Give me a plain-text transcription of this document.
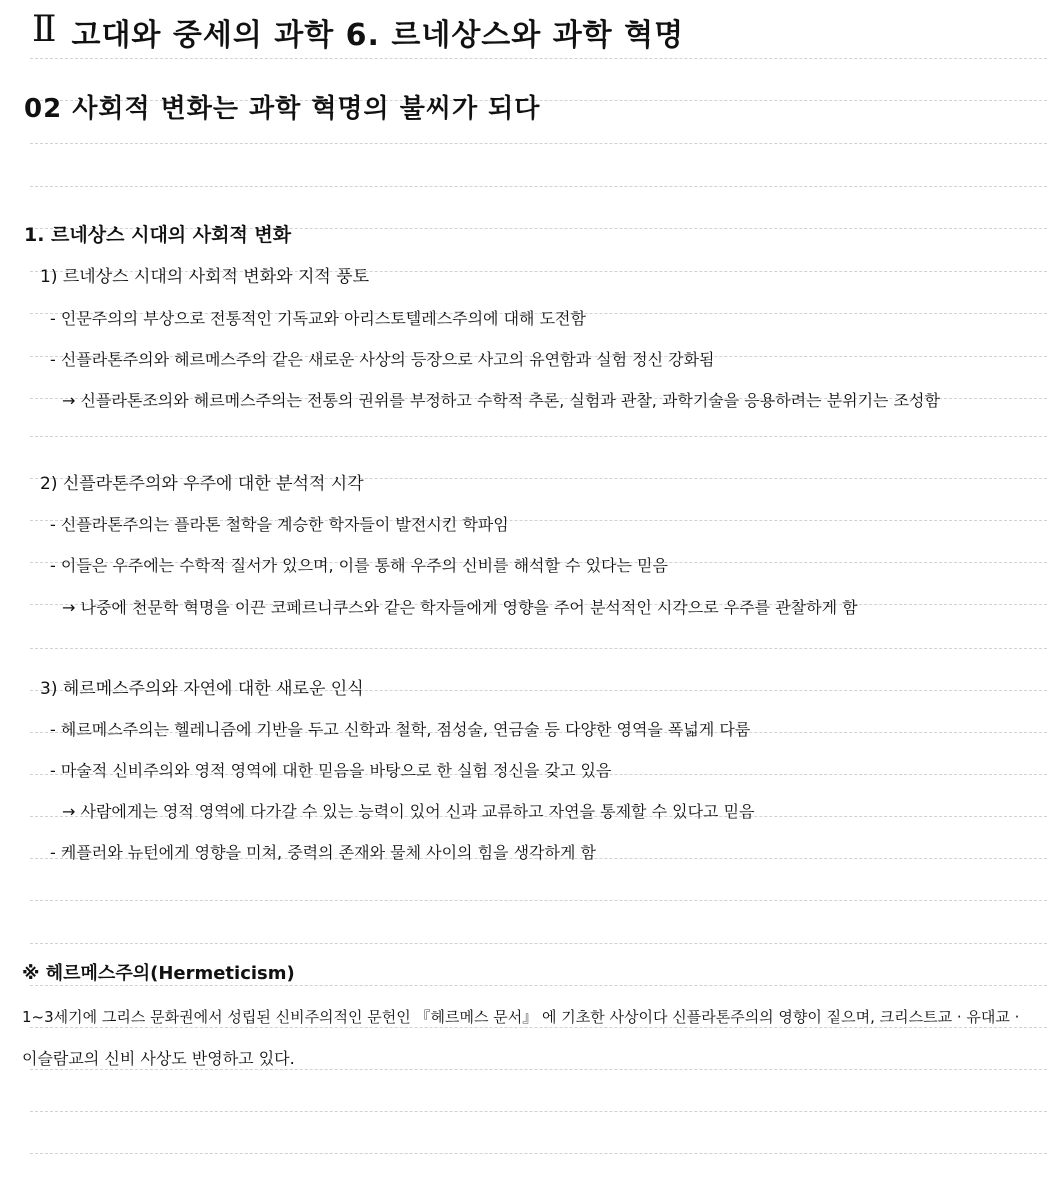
Ⅱ 고대와 중세의 과학 6. 르네상스와 과학 혁명
02 사회적 변화는 과학 혁명의 불씨가 되다
1. 르네상스 시대의 사회적 변화
1) 르네상스 시대의 사회적 변화와 지적 풍토
- 인문주의의 부상으로 전통적인 기독교와 아리스토텔레스주의에 대해 도전함
- 신플라톤주의와 헤르메스주의 같은 새로운 사상의 등장으로 사고의 유연함과 실험 정신 강화됨
→ 신플라톤조의와 헤르메스주의는 전통의 권위를 부정하고 수학적 추론, 실험과 관찰, 과학기술을 응용하려는 분위기는 조성함
2) 신플라톤주의와 우주에 대한 분석적 시각
- 신플라톤주의는 플라톤 철학을 계승한 학자들이 발전시킨 학파임
- 이들은 우주에는 수학적 질서가 있으며, 이를 통해 우주의 신비를 해석할 수 있다는 믿음
→ 나중에 천문학 혁명을 이끈 코페르니쿠스와 같은 학자들에게 영향을 주어 분석적인 시각으로 우주를 관찰하게 함
3) 헤르메스주의와 자연에 대한 새로운 인식
- 헤르메스주의는 헬레니즘에 기반을 두고 신학과 철학, 점성술, 연금술 등 다양한 영역을 폭넓게 다룸
- 마술적 신비주의와 영적 영역에 대한 믿음을 바탕으로 한 실험 정신을 갖고 있음
→ 사람에게는 영적 영역에 다가갈 수 있는 능력이 있어 신과 교류하고 자연을 통제할 수 있다고 믿음
- 케플러와 뉴턴에게 영향을 미쳐, 중력의 존재와 물체 사이의 힘을 생각하게 함
※ 헤르메스주의(Hermeticism)
1~3세기에 그리스 문화권에서 성립된 신비주의적인 문헌인 『헤르메스 문서』 에 기초한 사상이다 신플라톤주의의 영향이 짙으며, 크리스트교 · 유대교 ·
이슬람교의 신비 사상도 반영하고 있다.
